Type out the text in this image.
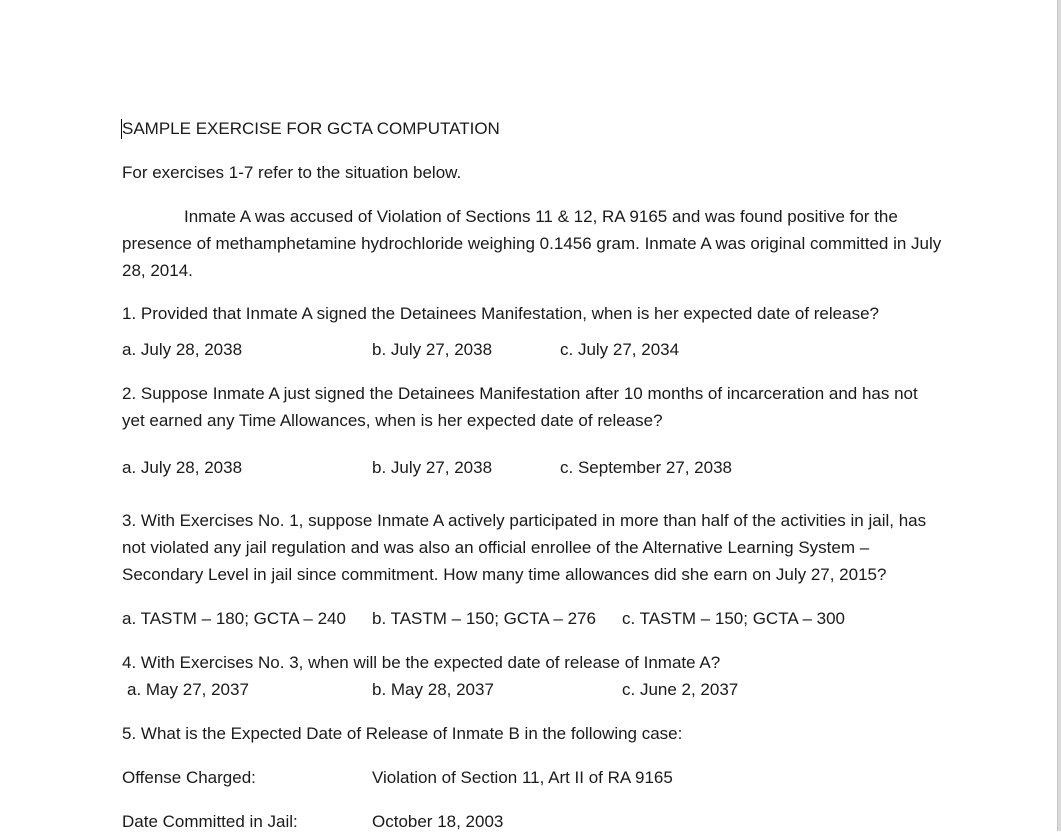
SAMPLE EXERCISE FOR GCTA COMPUTATION
For exercises 1-7 refer to the situation below.
Inmate A was accused of Violation of Sections 11 & 12, RA 9165 and was found positive for the presence of methamphetamine hydrochloride weighing 0.1456 gram. Inmate A was original committed in July 28, 2014.
1. Provided that Inmate A signed the Detainees Manifestation, when is her expected date of release?
a. July 28, 2038	b. July 27, 2038	c. July 27, 2034
2. Suppose Inmate A just signed the Detainees Manifestation after 10 months of incarceration and has not yet earned any Time Allowances, when is her expected date of release?
a. July 28, 2038	b. July 27, 2038	c. September 27, 2038
3. With Exercises No. 1, suppose Inmate A actively participated in more than half of the activities in jail, has not violated any jail regulation and was also an official enrollee of the Alternative Learning System – Secondary Level in jail since commitment. How many time allowances did she earn on July 27, 2015?
a. TASTM – 180; GCTA – 240 b. TASTM – 150; GCTA – 276 c. TASTM – 150; GCTA – 300
4. With Exercises No. 3, when will be the expected date of release of Inmate A?
a. May 27, 2037	b. May 28, 2037	c. June 2, 2037
5. What is the Expected Date of Release of Inmate B in the following case:
Offense Charged:	Violation of Section 11, Art II of RA 9165
Date Committed in Jail:	October 18, 2003
